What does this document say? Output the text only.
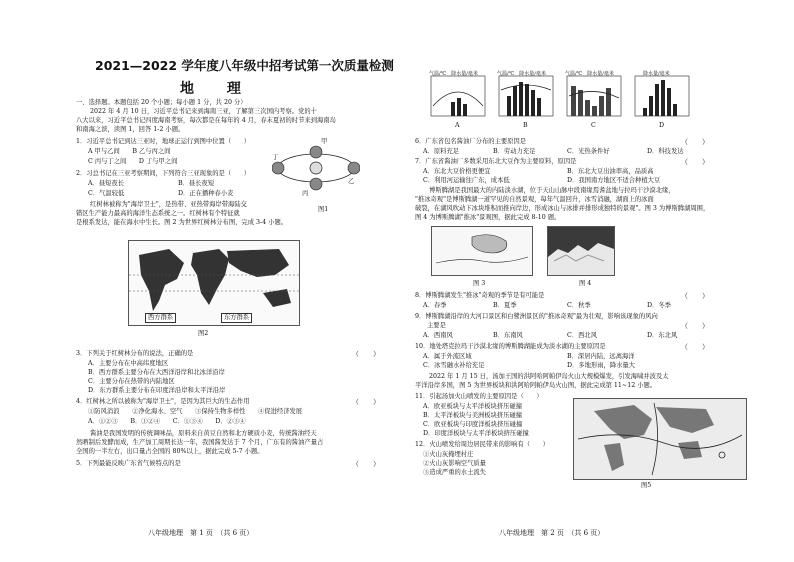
2021—2022 学年度八年级中招考试第一次质量检测
地 理
一、选择题。本题包括 20 个小题；每小题 1 分，共 20 分）
2022 年 4 月 10 日，习近平总书记来到海南三亚，了解第三次国内考察。党的十
八大以来，习近平总书记四度海南考察，每次都是在每年的 4 月，春末夏初的时节来到海南岛
和南海之滨，读图 1，回答 1-2 小题。
1．习近平总书记到达三亚时，地球正运行到图中位置（　　）
A 甲与乙间　　B 乙与丙之间
C 丙与丁之间　　D 丁与甲之间
2．习总书记在三亚考察期间，下列符合三亚现象的是（　　）
A．昼短夜长	B．昼长夜短
C．气温较低	D．正在播种春小麦
红树林被称为"海岸卫士"，是热带、亚热带海岸带海陆交
错区生产能力最高的海洋生态系统之一。红树林有个特征就
是根系发达，能在海水中生长。图 2 为世界红树林分布图，完成 3-4 小题。
甲
乙
丙
丁
图1
西方群系	东方群系
图2
3．下列关于红树林分布的说法，正确的是	（　　）
A．主要分布在中高纬度地区
B．西方群系主要分布在大西洋沿岸和北冰洋沿岸
C．主要分布在热带的内陆地区
D．东方群系主要分布在印度洋沿岸和太平洋沿岸
4．红树林之所以被称为"海岸卫士"，是因为其巨大的生态作用	（　　）
①防风消浪　　②净化海水、空气　　③保持生物多样性　　④促进经济发展
A．①②③　　B．①②④　　C．①③④　　D．②③④
酱油是我国发明的传统调味品，原料来自黄豆自然和北方硬质小麦，传统酱油经天
然晒制后发酵而成，生产加工周期长达一年，我国酱发达于 7 个月，广东有的酱油产量占
全国的一半左右，出口量占全国的 80%以上，据此完成 5-7 小题。
5．下列最能反映广东省气候特点的是	（　　）
八年级地理　第 1 页　（共 6 页）
气温/℃　降水量/毫米	气温/℃　降水量/毫米	气温/℃　降水量/毫米	降水量/毫米
A	B	C	D
6．广东省包名酱油厂分布的主要原因是	（　　）
A．原料充足	B．劳动力充足	C．光热条件好	D．科技发达
7．广东省酱油厂多数采用东北大豆作为主要原料，原因是	（　　）
A．东北大豆价格更便宜	B．东北大豆出油率高，品质高
C．利用河运输往广东，成本低	D．我国南方地区不适合种植大豆
博斯腾湖是我国最大的内陆淡水湖，位于天山山脉中段南缘焉耆盆地与拉玛干沙漠北缘，
"推冰奇观"是博斯腾湖一道罕见的自然景观，每年气温回升，冰雪消融，湖面上的冰面
破裂，在湖风吹动下冰块堆积而推向岸边，形成冰山与冰排并排形成独特的景观"。图 3 为博斯腾湖周围，
图 4 为博斯腾湖"推冰"景观图，据此完成 8-10 题。
图 3	图 4
8．博斯腾湖发生"推冰"奇观的季节是有可能是	（　　）
A．春季	B．夏季	C．秋季	D．冬季
9．博斯腾湖沿岸的大河口景区和白鹭洲景区的"推冰奇观"最为壮观，影响该现象的风向
主要是	（　　）
A．西南风	B．东南风	C．西北风	D．东北风
10．地处塔克拉玛干沙漠北缘的博斯腾湖能成为淡水湖的主要原因是	（　　）
A．属于外流区域	B．深居内陆，远离海洋
C．冰雪融水补给充足	D．多地形雨，降水量大
2022 年 1 月 15 日，汤加王国的洪阿哈阿帕伊岛火山大规模爆发，引发海啸并波及太
平洋沿岸多国，图 5 为世界板块和洪阿哈阿帕伊岛火山图，据此完成第 11~12 小题。
11．引起汤加火山喷发的主要原因是（　　）
A．欧亚板块与太平洋板块挤压碰撞
B．太平洋板块与美洲板块挤压碰撞
C．欧亚板块与印度洋板块挤压碰撞
D．印度洋板块与太平洋板块挤压碰撞
12．火山喷发给周边居民带来的影响有（　　）
①火山灰掩埋村庄
②火山灰影响空气质量
③造成严重的水土流失
图5
八年级地理　第 2 页　（共 6 页）
